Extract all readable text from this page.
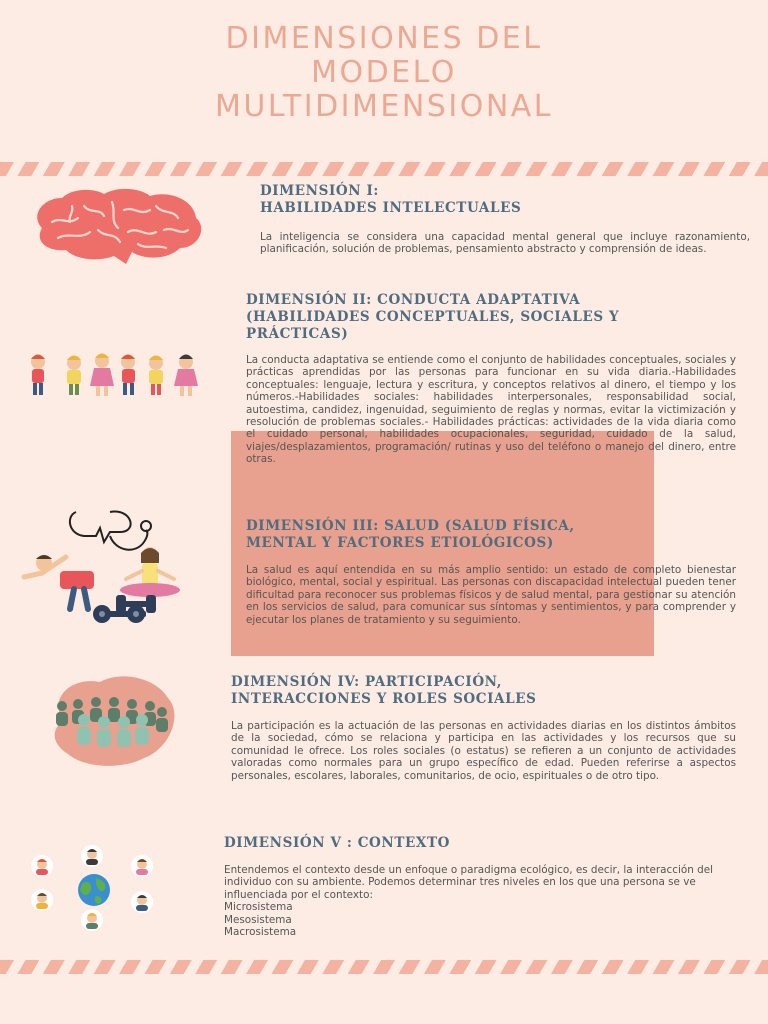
DIMENSIONES DEL
MODELO
MULTIDIMENSIONAL
DIMENSIÓN I:
HABILIDADES INTELECTUALES

La inteligencia se considera una capacidad mental general que incluye razonamiento, planificación, solución de problemas, pensamiento abstracto y comprensión de ideas.

DIMENSIÓN II: CONDUCTA ADAPTATIVA
(HABILIDADES CONCEPTUALES, SOCIALES Y
PRÁCTICAS)

La conducta adaptativa se entiende como el conjunto de habilidades conceptuales, sociales y prácticas aprendidas por las personas para funcionar en su vida diaria.-Habilidades conceptuales: lenguaje, lectura y escritura, y conceptos relativos al dinero, el tiempo y los números.-Habilidades sociales: habilidades interpersonales, responsabilidad social, autoestima, candidez, ingenuidad, seguimiento de reglas y normas, evitar la victimización y resolución de problemas sociales.- Habilidades prácticas: actividades de la vida diaria como el cuidado personal, habilidades ocupacionales, seguridad, cuidado de la salud, viajes/desplazamientos, programación/ rutinas y uso del teléfono o manejo del dinero, entre otras.

DIMENSIÓN III: SALUD (SALUD FÍSICA,
MENTAL Y FACTORES ETIOLÓGICOS)

La salud es aquí entendida en su más amplio sentido: un estado de completo bienestar biológico, mental, social y espiritual. Las personas con discapacidad intelectual pueden tener dificultad para reconocer sus problemas físicos y de salud mental, para gestionar su atención en los servicios de salud, para comunicar sus síntomas y sentimientos, y para comprender y ejecutar los planes de tratamiento y su seguimiento.

DIMENSIÓN IV: PARTICIPACIÓN,
INTERACCIONES Y ROLES SOCIALES

La participación es la actuación de las personas en actividades diarias en los distintos ámbitos de la sociedad, cómo se relaciona y participa en las actividades y los recursos que su comunidad le ofrece. Los roles sociales (o estatus) se refieren a un conjunto de actividades valoradas como normales para un grupo específico de edad. Pueden referirse a aspectos personales, escolares, laborales, comunitarios, de ocio, espirituales o de otro tipo.

DIMENSIÓN V : CONTEXTO

Entendemos el contexto desde un enfoque o paradigma ecológico, es decir, la interacción del individuo con su ambiente. Podemos determinar tres niveles en los que una persona se ve influenciada por el contexto:

Microsistema
Mesosistema
Macrosistema
